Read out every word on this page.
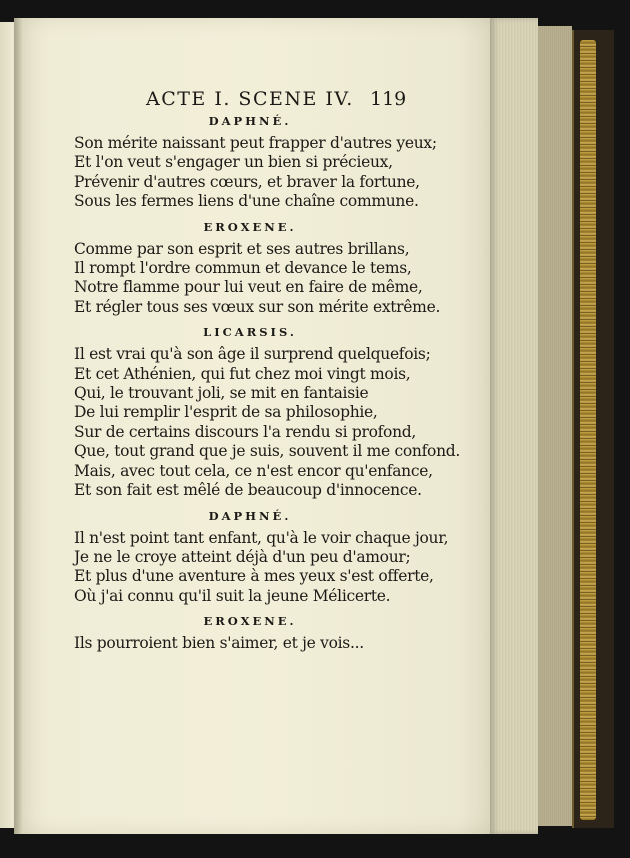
ACTE I. SCENE IV. 119
DAPHNÉ.
Son mérite naissant peut frapper d'autres yeux;
Et l'on veut s'engager un bien si précieux,
Prévenir d'autres cœurs, et braver la fortune,
Sous les fermes liens d'une chaîne commune.
EROXENE.
Comme par son esprit et ses autres brillans,
Il rompt l'ordre commun et devance le tems,
Notre flamme pour lui veut en faire de même,
Et régler tous ses vœux sur son mérite extrême.
LICARSIS.
Il est vrai qu'à son âge il surprend quelquefois;
Et cet Athénien, qui fut chez moi vingt mois,
Qui, le trouvant joli, se mit en fantaisie
De lui remplir l'esprit de sa philosophie,
Sur de certains discours l'a rendu si profond,
Que, tout grand que je suis, souvent il me confond.
Mais, avec tout cela, ce n'est encor qu'enfance,
Et son fait est mêlé de beaucoup d'innocence.
DAPHNÉ.
Il n'est point tant enfant, qu'à le voir chaque jour,
Je ne le croye atteint déjà d'un peu d'amour;
Et plus d'une aventure à mes yeux s'est offerte,
Où j'ai connu qu'il suit la jeune Mélicerte.
EROXENE.
Ils pourroient bien s'aimer, et je vois...
